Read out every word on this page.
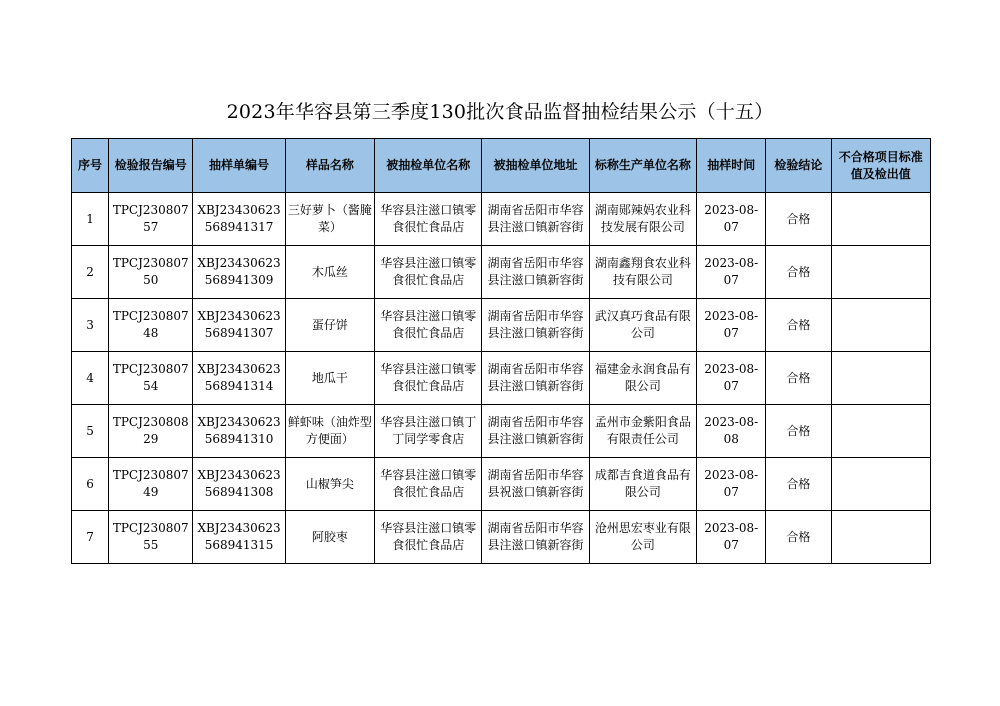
2023年华容县第三季度130批次食品监督抽检结果公示（十五）
序号	检验报告编号	抽样单编号	样品名称	被抽检单位名称	被抽检单位地址	标称生产单位名称	抽样时间	检验结论	不合格项目标准值及检出值
1	TPCJ23080757	XBJ23430623568941317	三好萝卜（酱腌菜）	华容县注滋口镇零食很忙食品店	湖南省岳阳市华容县注滋口镇新容街	湖南郧辣妈农业科技发展有限公司	2023-08-07	合格	
2	TPCJ23080750	XBJ23430623568941309	木瓜丝	华容县注滋口镇零食很忙食品店	湖南省岳阳市华容县注滋口镇新容街	湖南鑫翔食农业科技有限公司	2023-08-07	合格	
3	TPCJ23080748	XBJ23430623568941307	蛋仔饼	华容县注滋口镇零食很忙食品店	湖南省岳阳市华容县注滋口镇新容街	武汉真巧食品有限公司	2023-08-07	合格	
4	TPCJ23080754	XBJ23430623568941314	地瓜干	华容县注滋口镇零食很忙食品店	湖南省岳阳市华容县注滋口镇新容街	福建金永润食品有限公司	2023-08-07	合格	
5	TPCJ23080829	XBJ23430623568941310	鲜虾味（油炸型方便面）	华容县注滋口镇丁丁同学零食店	湖南省岳阳市华容县注滋口镇新容街	孟州市金紫阳食品有限责任公司	2023-08-08	合格	
6	TPCJ23080749	XBJ23430623568941308	山椒笋尖	华容县注滋口镇零食很忙食品店	湖南省岳阳市华容县祝滋口镇新容街	成都吉食道食品有限公司	2023-08-07	合格	
7	TPCJ23080755	XBJ23430623568941315	阿胶枣	华容县注滋口镇零食很忙食品店	湖南省岳阳市华容县注滋口镇新容街	沧州思宏枣业有限公司	2023-08-07	合格	
